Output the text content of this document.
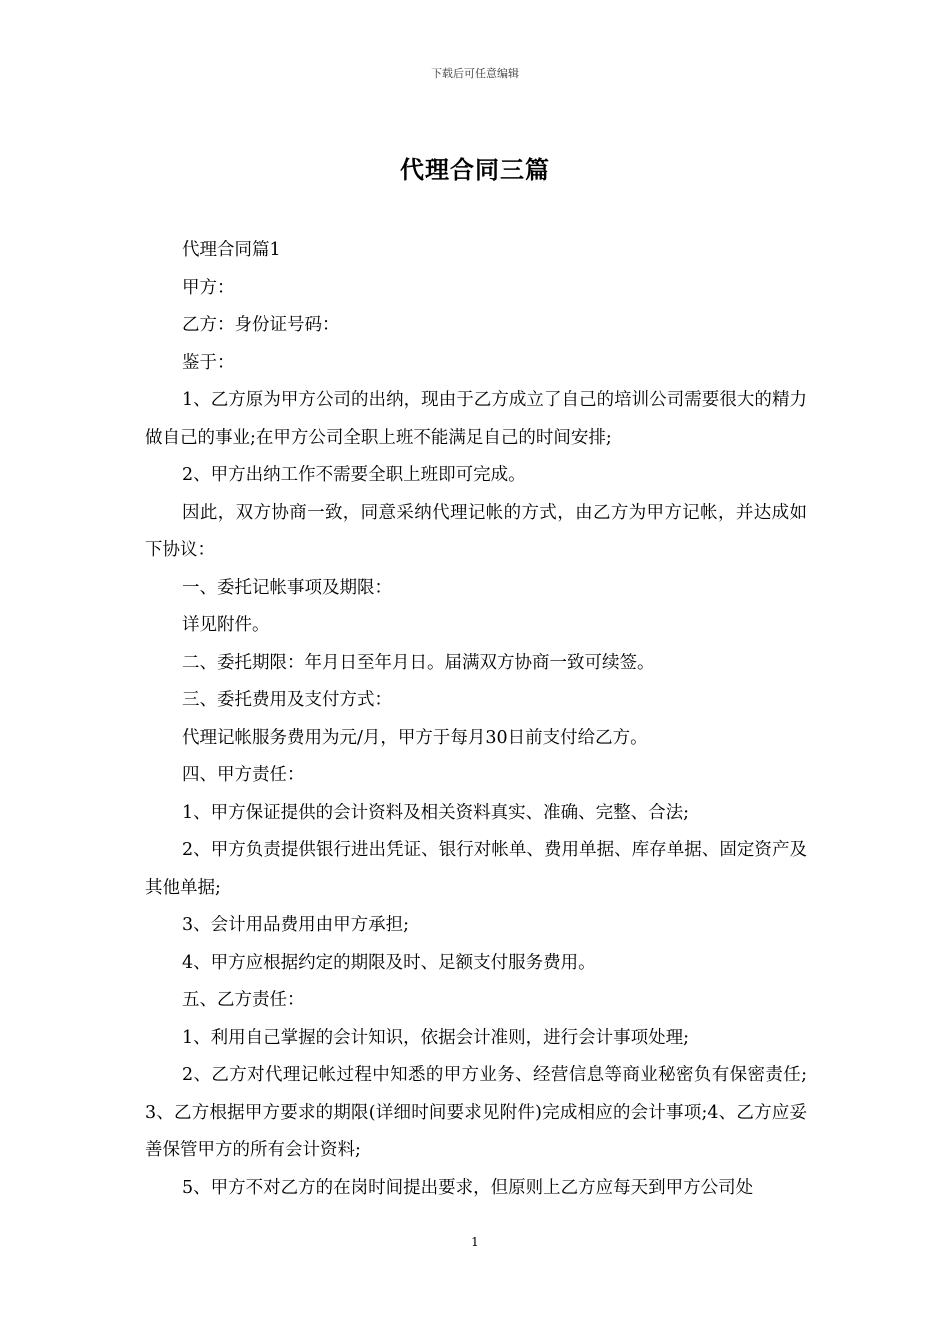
下载后可任意编辑
代理合同三篇

代理合同篇1

甲方：

乙方：身份证号码：

鉴于：

1、乙方原为甲方公司的出纳，现由于乙方成立了自己的培训公司需要很大的精力做自己的事业;在甲方公司全职上班不能满足自己的时间安排;

2、甲方出纳工作不需要全职上班即可完成。

因此，双方协商一致，同意采纳代理记帐的方式，由乙方为甲方记帐，并达成如下协议：

一、委托记帐事项及期限：

详见附件。

二、委托期限：年月日至年月日。届满双方协商一致可续签。

三、委托费用及支付方式：

代理记帐服务费用为元/月，甲方于每月30日前支付给乙方。

四、甲方责任：

1、甲方保证提供的会计资料及相关资料真实、准确、完整、合法;

2、甲方负责提供银行进出凭证、银行对帐单、费用单据、库存单据、固定资产及其他单据;

3、会计用品费用由甲方承担;

4、甲方应根据约定的期限及时、足额支付服务费用。

五、乙方责任：

1、利用自己掌握的会计知识，依据会计准则，进行会计事项处理;

2、乙方对代理记帐过程中知悉的甲方业务、经营信息等商业秘密负有保密责任;3、乙方根据甲方要求的期限(详细时间要求见附件)完成相应的会计事项;4、乙方应妥善保管甲方的所有会计资料;

5、甲方不对乙方的在岗时间提出要求，但原则上乙方应每天到甲方公司处

1
